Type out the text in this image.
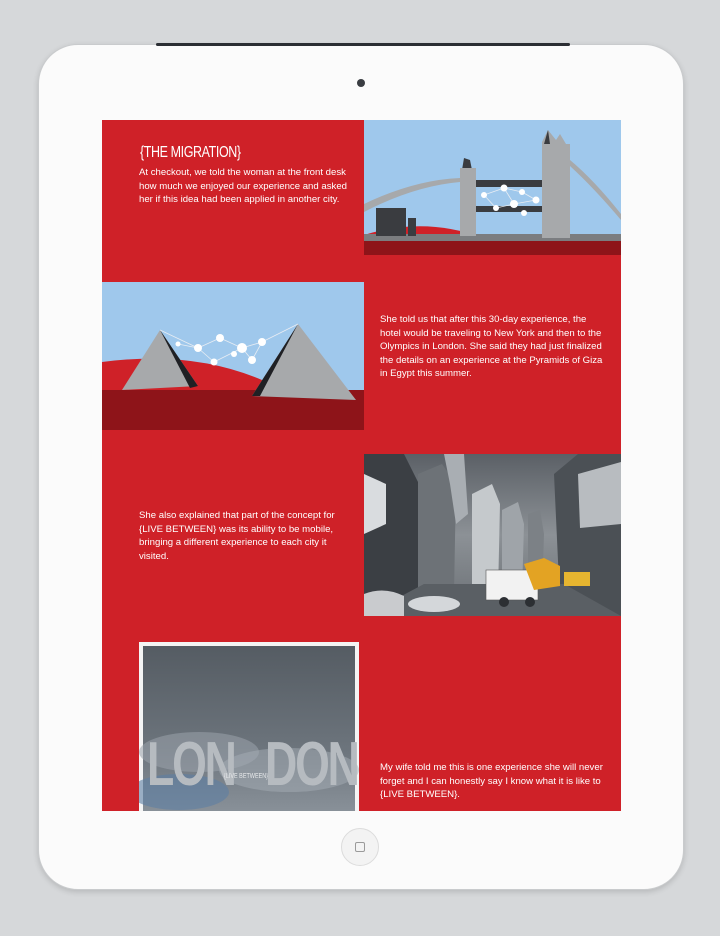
{THE MIGRATION}
At checkout, we told the woman at the front desk how much we enjoyed our experience and asked her if this idea had been applied in another city.
She told us that after this 30-day experience, the hotel would be traveling to New York and then to the Olympics in London. She said they had just finalized the details on an experience at the Pyramids of Giza in Egypt this summer.
She also explained that part of the concept for {LIVE BETWEEN} was its ability to be mobile, bringing a different experience to each city it visited.
LON DON
{LIVE BETWEEN}
My wife told me this is one experience she will never forget and I can honestly say I know what it is like to {LIVE BETWEEN}.
